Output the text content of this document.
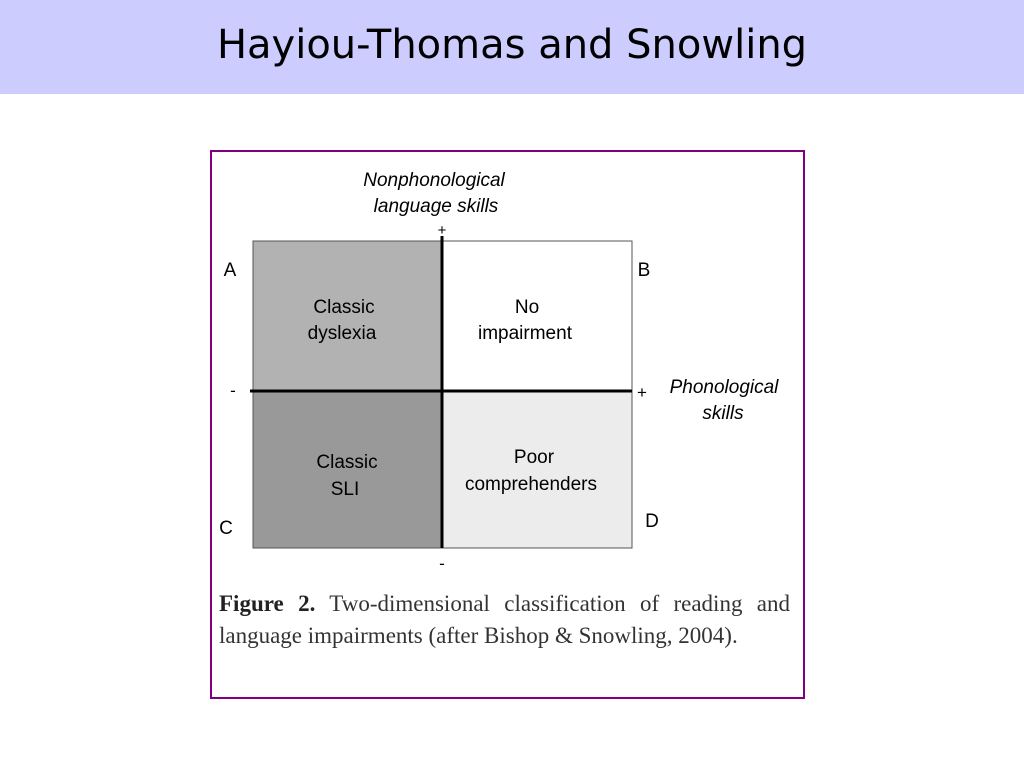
Hayiou-Thomas and Snowling
Nonphonological
language skills
+
-
-	+ Phonological
skills
A	B
C	D
Classic
dyslexia
No
impairment
Classic
SLI
Poor
comprehenders
Figure 2. Two-dimensional classification of reading and language impairments (after Bishop & Snowling, 2004).
